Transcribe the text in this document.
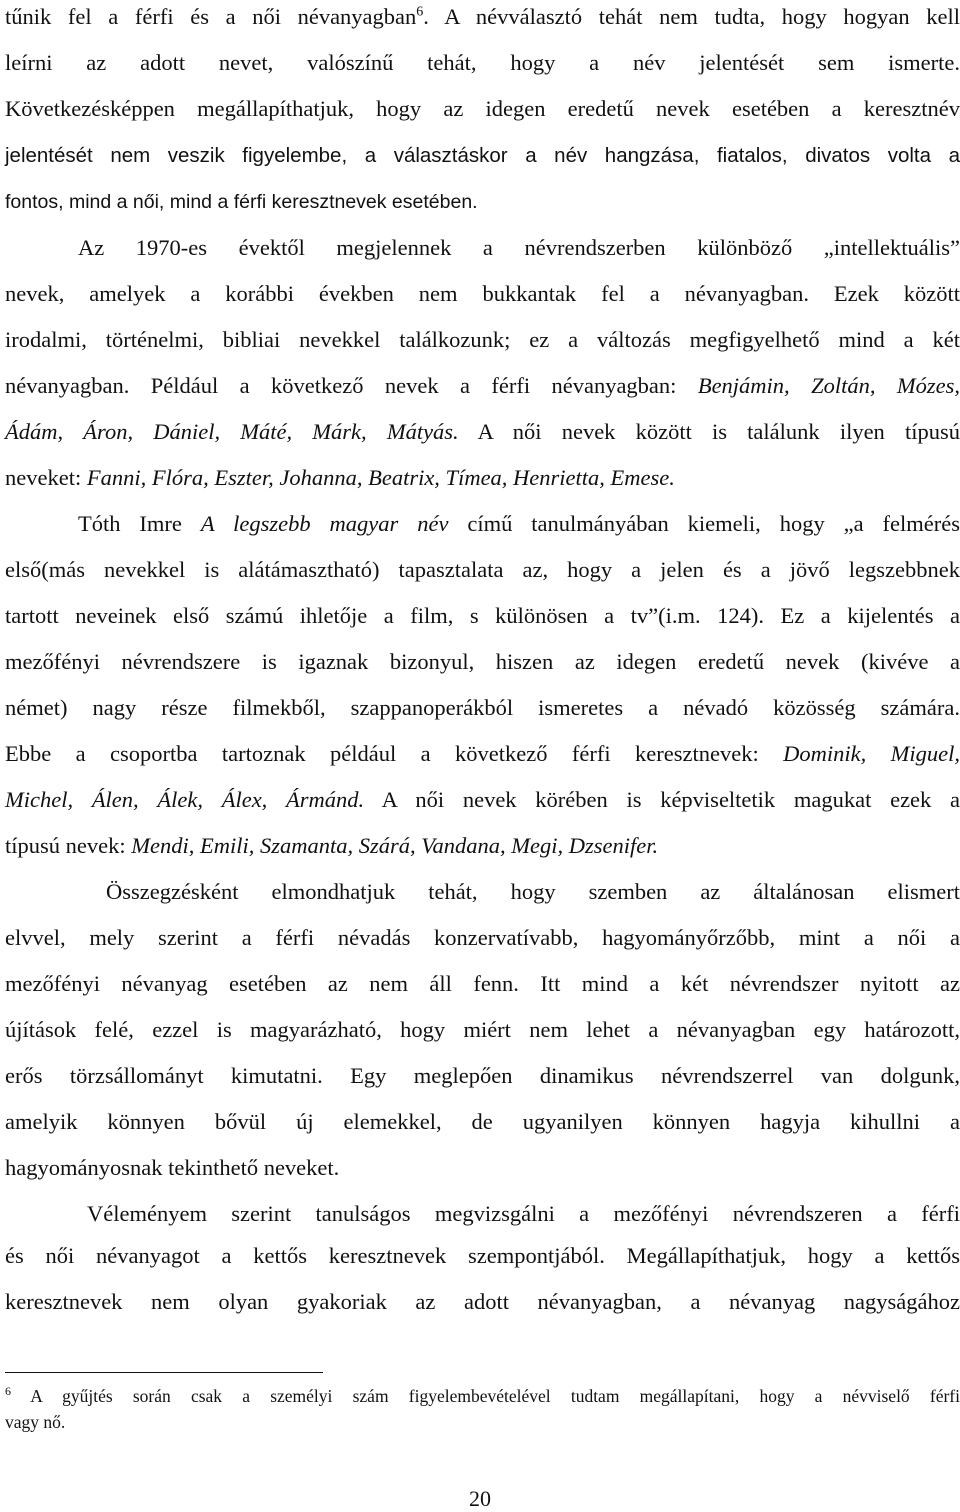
tűnik fel a férfi és a női névanyagban$^6$. A névválasztó tehát nem tudta, hogy hogyan kell
leírni az adott nevet, valószínű tehát, hogy a név jelentését sem ismerte.
Következésképpen megállapíthatjuk, hogy az idegen eredetű nevek esetében a keresztnév
jelentését nem veszik figyelembe, a választáskor a név hangzása, fiatalos, divatos volta a
fontos, mind a női, mind a férfi keresztnevek esetében.
Az 1970-es évektől megjelennek a névrendszerben különböző „intellektuális”
nevek, amelyek a korábbi években nem bukkantak fel a névanyagban. Ezek között
irodalmi, történelmi, bibliai nevekkel találkozunk; ez a változás megfigyelhető mind a két
névanyagban. Például a következő nevek a férfi névanyagban: Benjámin, Zoltán, Mózes,
Ádám, Áron, Dániel, Máté, Márk, Mátyás. A női nevek között is találunk ilyen típusú
neveket: Fanni, Flóra, Eszter, Johanna, Beatrix, Tímea, Henrietta, Emese.
Tóth Imre A legszebb magyar név című tanulmányában kiemeli, hogy „a felmérés
első(más nevekkel is alátámasztható) tapasztalata az, hogy a jelen és a jövő legszebbnek
tartott neveinek első számú ihletője a film, s különösen a tv”(i.m. 124). Ez a kijelentés a
mezőfényi névrendszere is igaznak bizonyul, hiszen az idegen eredetű nevek (kivéve a
német) nagy része filmekből, szappanoperákból ismeretes a névadó közösség számára.
Ebbe a csoportba tartoznak például a következő férfi keresztnevek: Dominik, Miguel,
Michel, Álen, Álek, Álex, Ármánd. A női nevek körében is képviseltetik magukat ezek a
típusú nevek: Mendi, Emili, Szamanta, Szárá, Vandana, Megi, Dzsenifer.
Összegzésként elmondhatjuk tehát, hogy szemben az általánosan elismert
elvvel, mely szerint a férfi névadás konzervatívabb, hagyományőrzőbb, mint a női a
mezőfényi névanyag esetében az nem áll fenn. Itt mind a két névrendszer nyitott az
újítások felé, ezzel is magyarázható, hogy miért nem lehet a névanyagban egy határozott,
erős törzsállományt kimutatni. Egy meglepően dinamikus névrendszerrel van dolgunk,
amelyik könnyen bővül új elemekkel, de ugyanilyen könnyen hagyja kihullni a
hagyományosnak tekinthető neveket.
Véleményem szerint tanulságos megvizsgálni a mezőfényi névrendszeren a férfi
és női névanyagot a kettős keresztnevek szempontjából. Megállapíthatjuk, hogy a kettős
keresztnevek nem olyan gyakoriak az adott névanyagban, a névanyag nagyságához
$^6$ A gyűjtés során csak a személyi szám figyelembevételével tudtam megállapítani, hogy a névviselő férfi
vagy nő.
20
